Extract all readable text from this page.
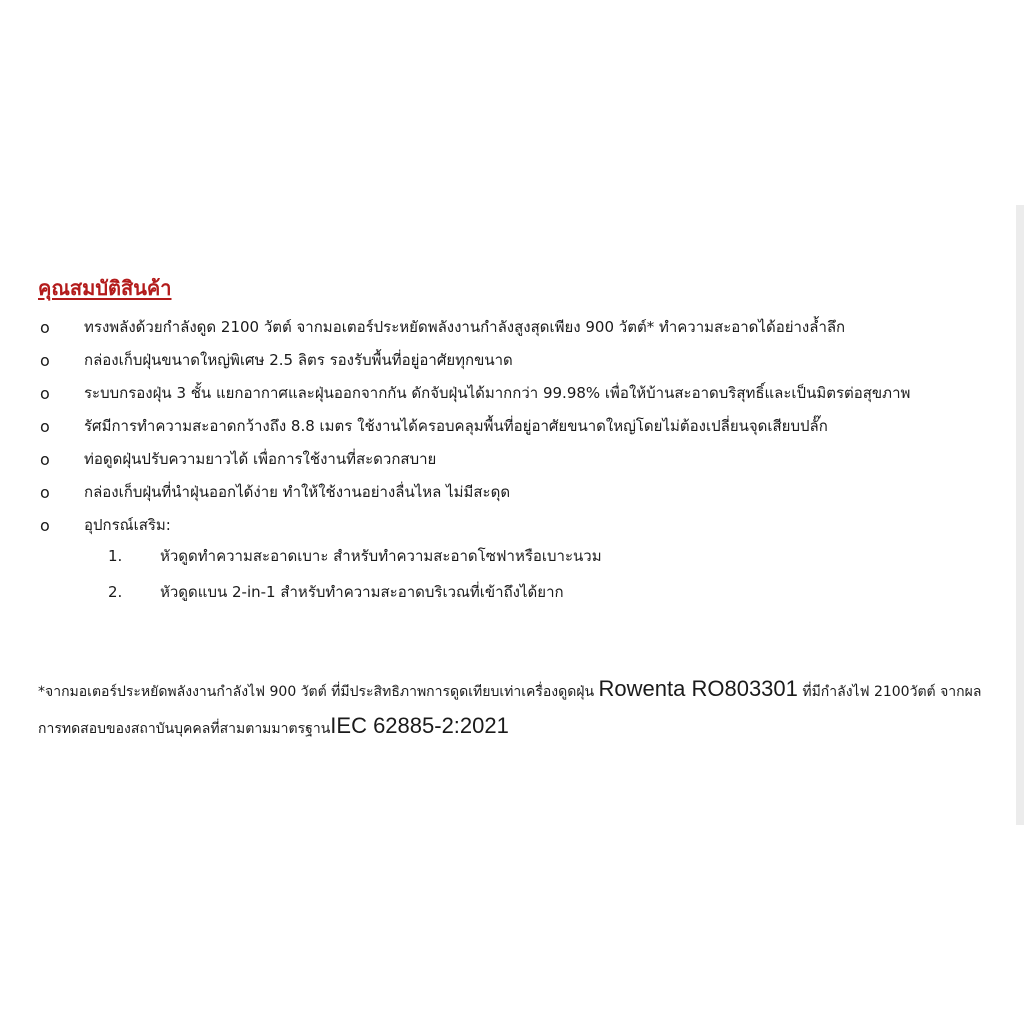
คุณสมบัติสินค้า
o ทรงพลังด้วยกำลังดูด 2100 วัตต์ จากมอเตอร์ประหยัดพลังงานกำลังสูงสุดเพียง 900 วัตต์* ทำความสะอาดได้อย่างล้ำลึก
o กล่องเก็บฝุ่นขนาดใหญ่พิเศษ 2.5 ลิตร รองรับพื้นที่อยู่อาศัยทุกขนาด
o ระบบกรองฝุ่น 3 ชั้น แยกอากาศและฝุ่นออกจากกัน ดักจับฝุ่นได้มากกว่า 99.98% เพื่อให้บ้านสะอาดบริสุทธิ์และเป็นมิตรต่อสุขภาพ
o รัศมีการทำความสะอาดกว้างถึง 8.8 เมตร ใช้งานได้ครอบคลุมพื้นที่อยู่อาศัยขนาดใหญ่โดยไม่ต้องเปลี่ยนจุดเสียบปลั๊ก
o ท่อดูดฝุ่นปรับความยาวได้ เพื่อการใช้งานที่สะดวกสบาย
o กล่องเก็บฝุ่นที่นำฝุ่นออกได้ง่าย ทำให้ใช้งานอย่างลื่นไหล ไม่มีสะดุด
o อุปกรณ์เสริม:
1.	หัวดูดทำความสะอาดเบาะ สำหรับทำความสะอาดโซฟาหรือเบาะนวม
2.	หัวดูดแบน 2-in-1 สำหรับทำความสะอาดบริเวณที่เข้าถึงได้ยาก

*จากมอเตอร์ประหยัดพลังงานกำลังไฟ 900 วัตต์ ที่มีประสิทธิภาพการดูดเทียบเท่าเครื่องดูดฝุ่น Rowenta RO803301 ที่มีกำลังไฟ 2100วัตต์ จากผลการทดสอบของสถาบันบุคคลที่สามตามมาตรฐานIEC 62885-2:2021
